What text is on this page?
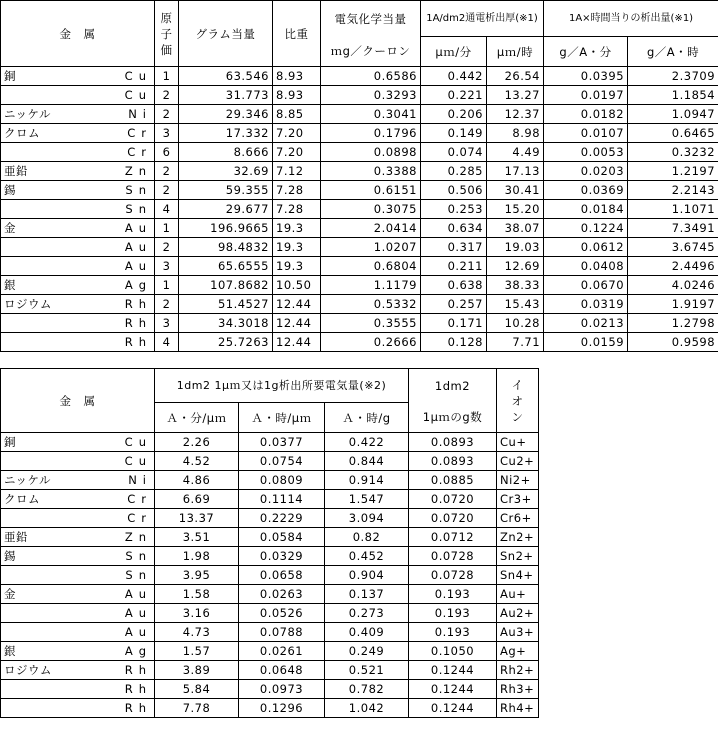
金　属		原
子
価	グラム当量	比重	電気化学当量	1A/dm2通電析出厚(※1)		1A×時間当りの析出量(※1)	
					ｍg／クーロン	μｍ/分	μｍ/時	g／A・分	g／A・時
銅	Cu	1	63.546	8.93	0.6586	0.442	26.54	0.0395	2.3709
	Cu	2	31.773	8.93	0.3293	0.221	13.27	0.0197	1.1854
ニッケル	Ni	2	29.346	8.85	0.3041	0.206	12.37	0.0182	1.0947
クロム	Cr	3	17.332	7.20	0.1796	0.149	8.98	0.0107	0.6465
	Cr	6	8.666	7.20	0.0898	0.074	4.49	0.0053	0.3232
亜鉛	Zn	2	32.69	7.12	0.3388	0.285	17.13	0.0203	1.2197
錫	Sn	2	59.355	7.28	0.6151	0.506	30.41	0.0369	2.2143
	Sn	4	29.677	7.28	0.3075	0.253	15.20	0.0184	1.1071
金	Au	1	196.9665	19.3	2.0414	0.634	38.07	0.1224	7.3491
	Au	2	98.4832	19.3	1.0207	0.317	19.03	0.0612	3.6745
	Au	3	65.6555	19.3	0.6804	0.211	12.69	0.0408	2.4496
銀	Ag	1	107.8682	10.50	1.1179	0.638	38.33	0.0670	4.0246
ロジウム	Rh	2	51.4527	12.44	0.5332	0.257	15.43	0.0319	1.9197
	Rh	3	34.3018	12.44	0.3555	0.171	10.28	0.0213	1.2798
	Rh	4	25.7263	12.44	0.2666	0.128	7.71	0.0159	0.9598
金　属		1dm2 1μｍ又は1g析出所要電気量(※2)			1dm2	イ
オ
ン

		Ａ・分/μｍ	Ａ・時/μｍ	Ａ・時/g	1μｍのg数	
銅	Cu	2.26	0.0377	0.422	0.0893	Cu+
	Cu	4.52	0.0754	0.844	0.0893	Cu2+
ニッケル	Ni	4.86	0.0809	0.914	0.0885	Ni2+
クロム	Cr	6.69	0.1114	1.547	0.0720	Cr3+
	Cr	13.37	0.2229	3.094	0.0720	Cr6+
亜鉛	Zn	3.51	0.0584	0.82	0.0712	Zn2+
錫	Sn	1.98	0.0329	0.452	0.0728	Sn2+
	Sn	3.95	0.0658	0.904	0.0728	Sn4+
金	Au	1.58	0.0263	0.137	0.193	Au+
	Au	3.16	0.0526	0.273	0.193	Au2+
	Au	4.73	0.0788	0.409	0.193	Au3+
銀	Ag	1.57	0.0261	0.249	0.1050	Ag+
ロジウム	Rh	3.89	0.0648	0.521	0.1244	Rh2+
	Rh	5.84	0.0973	0.782	0.1244	Rh3+
	Rh	7.78	0.1296	1.042	0.1244	Rh4+
